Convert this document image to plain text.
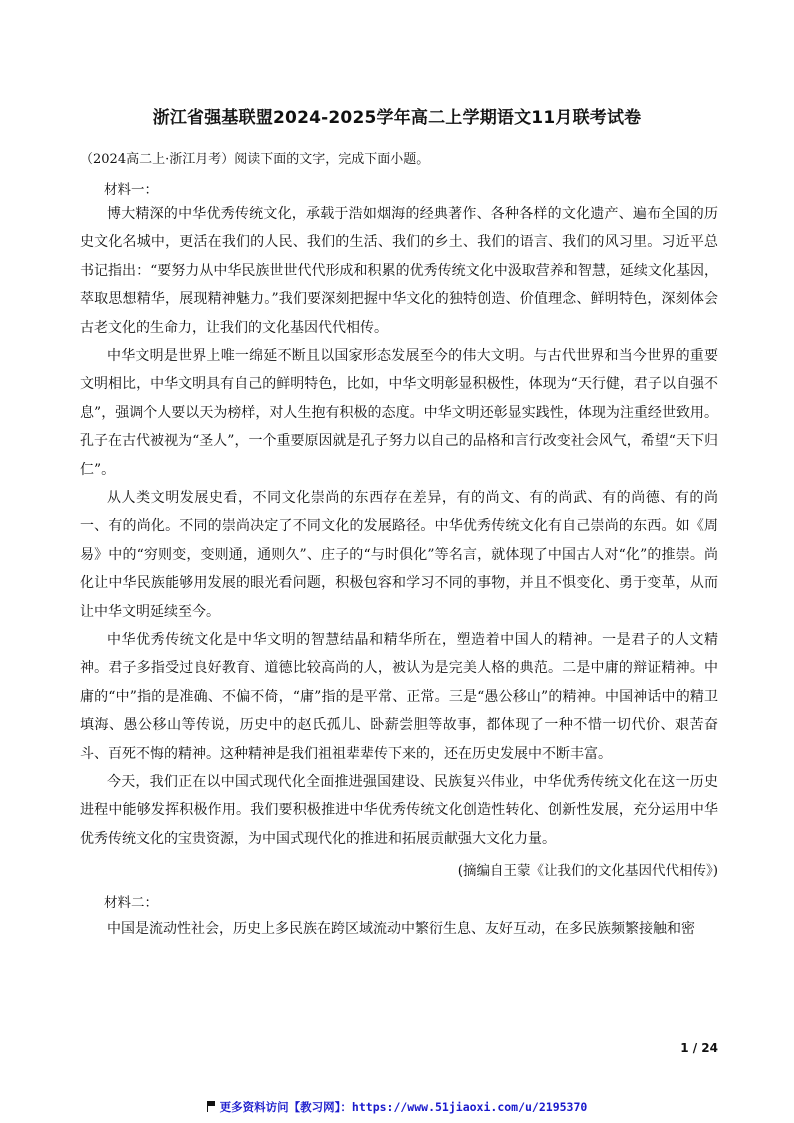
浙江省强基联盟2024-2025学年高二上学期语文11月联考试卷
（2024高二上·浙江月考）阅读下面的文字，完成下面小题。
材料一：

博大精深的中华优秀传统文化，承载于浩如烟海的经典著作、各种各样的文化遗产、遍布全国的历史文化名城中，更活在我们的人民、我们的生活、我们的乡土、我们的语言、我们的风习里。习近平总书记指出：“要努力从中华民族世世代代形成和积累的优秀传统文化中汲取营养和智慧，延续文化基因，萃取思想精华，展现精神魅力。”我们要深刻把握中华文化的独特创造、价值理念、鲜明特色，深刻体会古老文化的生命力，让我们的文化基因代代相传。

中华文明是世界上唯一绵延不断且以国家形态发展至今的伟大文明。与古代世界和当今世界的重要文明相比，中华文明具有自己的鲜明特色，比如，中华文明彰显积极性，体现为“天行健，君子以自强不息”，强调个人要以天为榜样，对人生抱有积极的态度。中华文明还彰显实践性，体现为注重经世致用。孔子在古代被视为“圣人”，一个重要原因就是孔子努力以自己的品格和言行改变社会风气，希望“天下归仁”。

从人类文明发展史看，不同文化崇尚的东西存在差异，有的尚文、有的尚武、有的尚德、有的尚一、有的尚化。不同的崇尚决定了不同文化的发展路径。中华优秀传统文化有自己崇尚的东西。如《周易》中的“穷则变，变则通，通则久”、庄子的“与时俱化”等名言，就体现了中国古人对“化”的推崇。尚化让中华民族能够用发展的眼光看问题，积极包容和学习不同的事物，并且不惧变化、勇于变革，从而让中华文明延续至今。

中华优秀传统文化是中华文明的智慧结晶和精华所在，塑造着中国人的精神。一是君子的人文精神。君子多指受过良好教育、道德比较高尚的人，被认为是完美人格的典范。二是中庸的辩证精神。中庸的“中”指的是准确、不偏不倚，“庸”指的是平常、正常。三是“愚公移山”的精神。中国神话中的精卫填海、愚公移山等传说，历史中的赵氏孤儿、卧薪尝胆等故事，都体现了一种不惜一切代价、艰苦奋斗、百死不悔的精神。这种精神是我们祖祖辈辈传下来的，还在历史发展中不断丰富。

今天，我们正在以中国式现代化全面推进强国建设、民族复兴伟业，中华优秀传统文化在这一历史进程中能够发挥积极作用。我们要积极推进中华优秀传统文化创造性转化、创新性发展，充分运用中华优秀传统文化的宝贵资源，为中国式现代化的推进和拓展贡献强大文化力量。

(摘编自王蒙《让我们的文化基因代代相传》)
材料二：

中国是流动性社会，历史上多民族在跨区域流动中繁衍生息、友好互动，在多民族频繁接触和密

1 / 24
更多资料访问【教习网】：https://www.51jiaoxi.com/u/2195370
